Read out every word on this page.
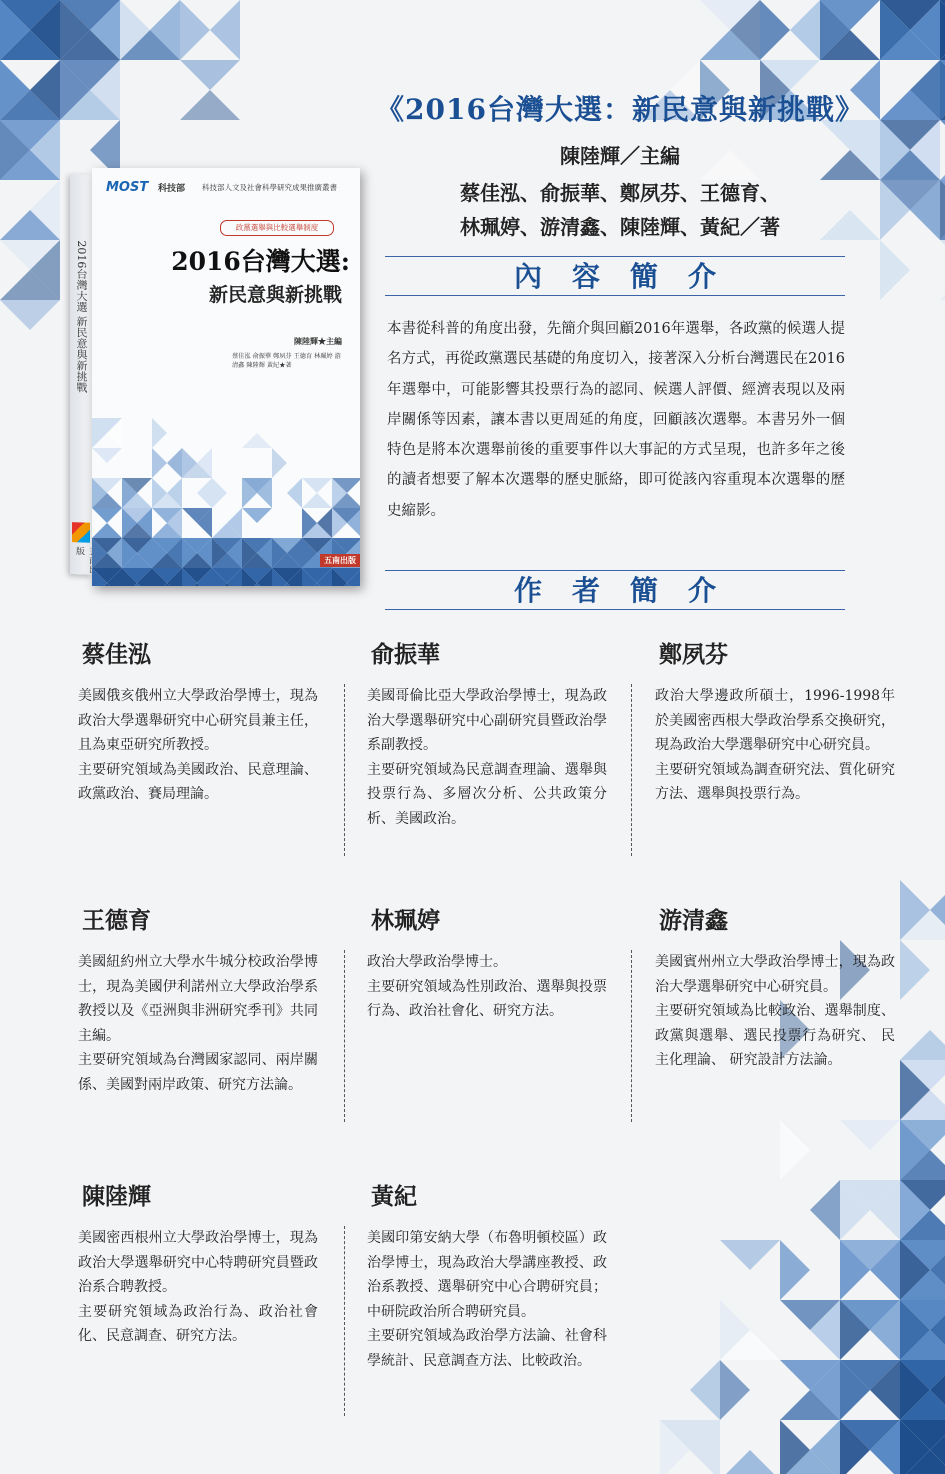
《2016台灣大選：新民意與新挑戰》

陳陸輝／主編

蔡佳泓、俞振華、鄭夙芬、王德育、
林珮婷、游清鑫、陳陸輝、黃紀／著
內容簡介

本書從科普的角度出發，先簡介與回顧2016年選舉，各政黨的候選人提名方式，再從政黨選民基礎的角度切入，接著深入分析台灣選民在2016年選舉中，可能影響其投票行為的認同、候選人評價、經濟表現以及兩岸關係等因素，讓本書以更周延的角度，回顧該次選舉。本書另外一個特色是將本次選舉前後的重要事件以大事記的方式呈現，也許多年之後的讀者想要了解本次選舉的歷史脈絡，即可從該內容重現本次選舉的歷史縮影。

作者簡介
2016台灣大選 新民意與新挑戰
五南出版
MOST 科技部 科技部人文及社會科學研究成果推廣叢書
政黨選舉與比較選舉制度
2016台灣大選:
新民意與新挑戰
陳陸輝★主編
蔡佳泓 俞振華 鄭夙芬 王德育 林珮婷 游清鑫 陳陸輝 黃紀★著
五南出版
蔡佳泓

美國俄亥俄州立大學政治學博士，現為政治大學選舉研究中心研究員兼主任，且為東亞研究所教授。

主要研究領域為美國政治、民意理論、政黨政治、賽局理論。

俞振華

美國哥倫比亞大學政治學博士，現為政治大學選舉研究中心副研究員暨政治學系副教授。

主要研究領域為民意調查理論、選舉與投票行為、多層次分析、公共政策分析、美國政治。

鄭夙芬

政治大學邊政所碩士，1996-1998年於美國密西根大學政治學系交換研究，現為政治大學選舉研究中心研究員。

主要研究領域為調查研究法、質化研究方法、選舉與投票行為。

王德育

美國紐約州立大學水牛城分校政治學博士，現為美國伊利諾州立大學政治學系教授以及《亞洲與非洲研究季刊》共同主編。

主要研究領域為台灣國家認同、兩岸關係、美國對兩岸政策、研究方法論。

林珮婷

政治大學政治學博士。

主要研究領域為性別政治、選舉與投票行為、政治社會化、研究方法。

游清鑫

美國賓州州立大學政治學博士，現為政治大學選舉研究中心研究員。

主要研究領域為比較政治、選舉制度、政黨與選舉、選民投票行為研究、 民主化理論、 研究設計方法論。

陳陸輝

美國密西根州立大學政治學博士，現為政治大學選舉研究中心特聘研究員暨政治系合聘教授。

主要研究領域為政治行為、政治社會化、民意調查、研究方法。

黃紀

美國印第安納大學（布魯明頓校區）政治學博士，現為政治大學講座教授、政治系教授、選舉研究中心合聘研究員；中研院政治所合聘研究員。

主要研究領域為政治學方法論、社會科學統計、民意調查方法、比較政治。
